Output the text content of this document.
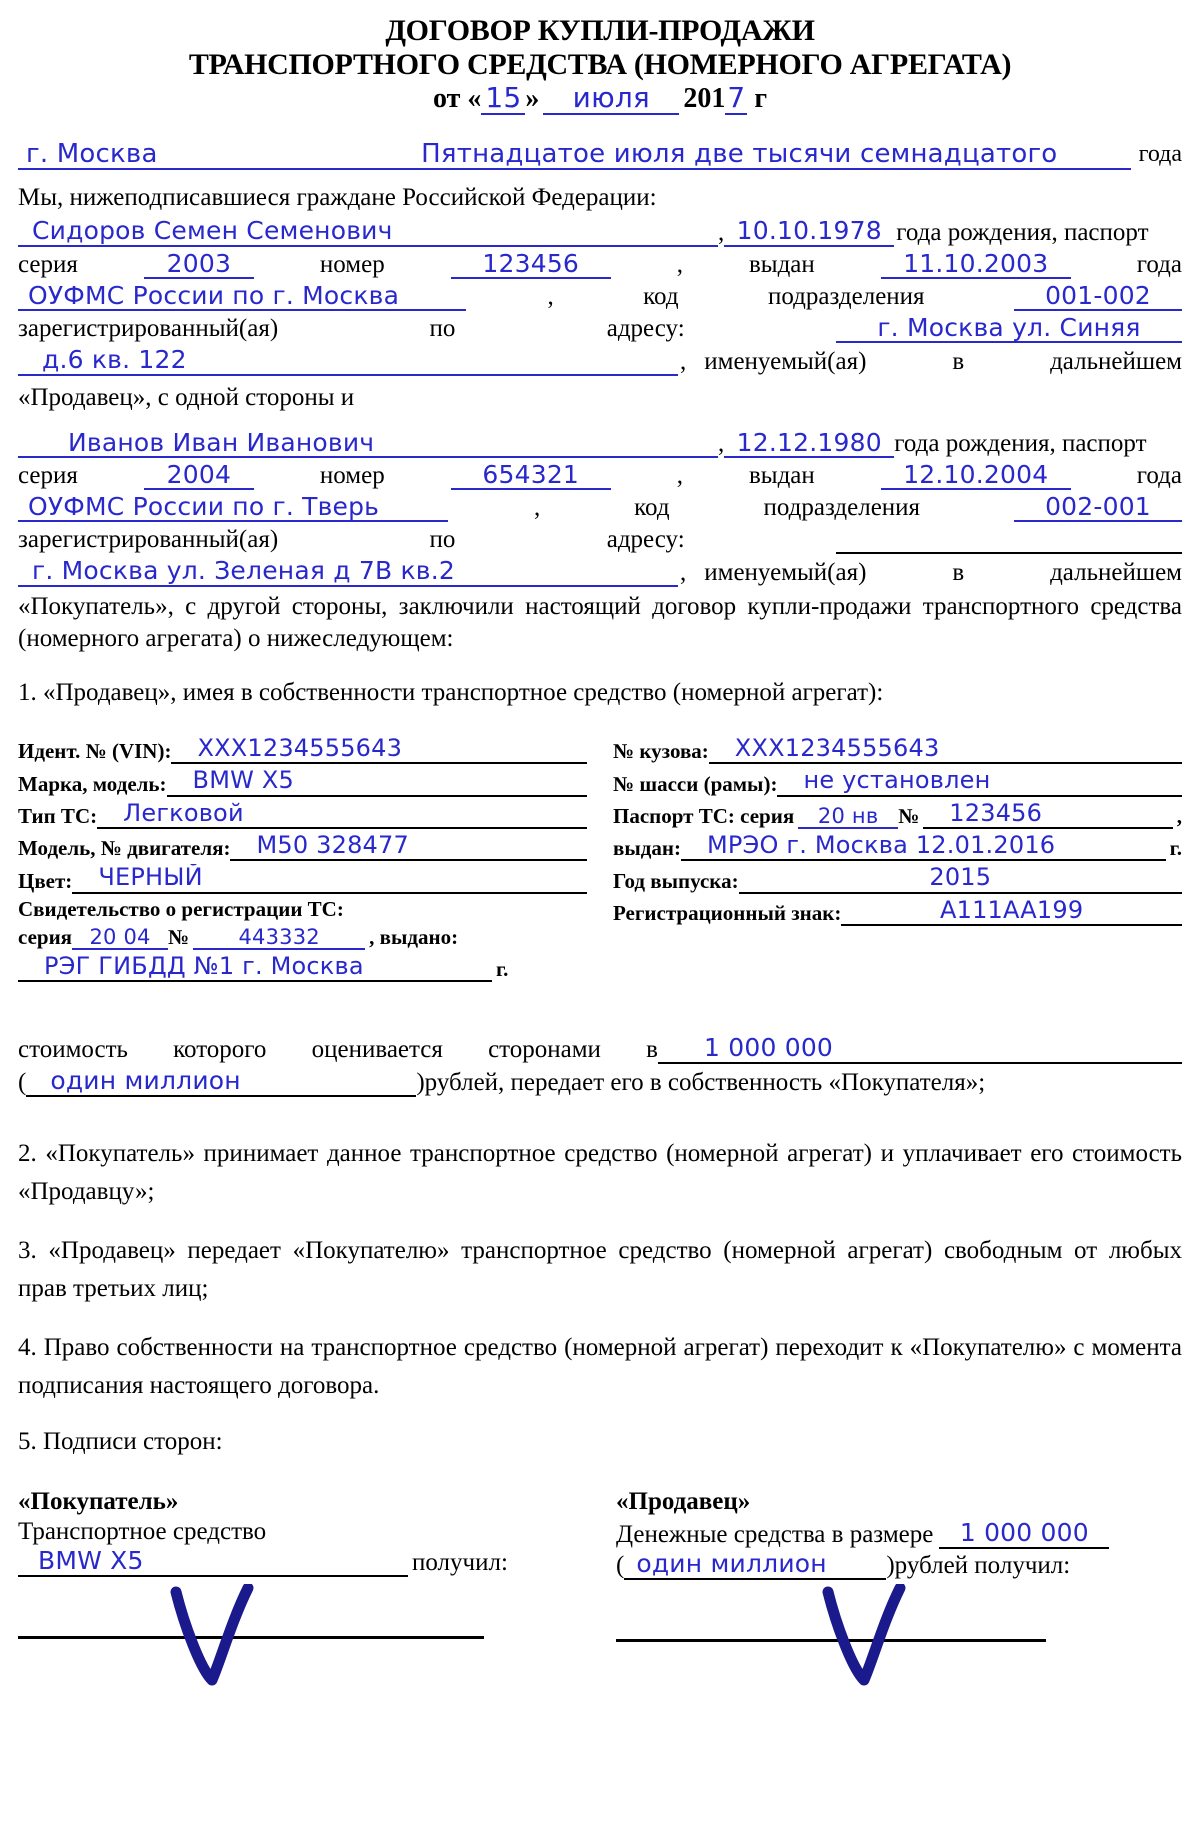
ДОГОВОР КУПЛИ-ПРОДАЖИ
ТРАНСПОРТНОГО СРЕДСТВА (НОМЕРНОГО АГРЕГАТА)
от « 15 » июля 2017 г
г. Москва	Пятнадцатое июля две тысячи семнадцатого	года

Мы, нижеподписавшиеся граждане Российской Федерации:

Сидоров Семен Семенович	, 10.10.1978 года рождения, паспорт
серия	2003	номер	123456	,	выдан	11.10.2003	года
ОУФМС России по г. Москва	,	код	подразделения	001-002
зарегистрированный(ая)	по	адресу:	г. Москва ул. Синяя
д.6 кв. 122	, именуемый(ая)	в	дальнейшем

«Продавец», с одной стороны и

Иванов Иван Иванович	, 12.12.1980 года рождения, паспорт
серия	2004	номер	654321	,	выдан	12.10.2004	года
ОУФМС России по г. Тверь	,	код	подразделения	002-001
зарегистрированный(ая)	по	адресу:
г. Москва ул. Зеленая д 7В кв.2	, именуемый(ая)	в	дальнейшем

«Покупатель», с другой стороны, заключили настоящий договор купли-продажи транспортного средства (номерного агрегата) о нижеследующем:

1. «Продавец», имея в собственности транспортное средство (номерной агрегат):

Идент. № (VIN):	XXX1234555643
Марка, модель:	BMW X5
Тип ТС:	Легковой
Модель, № двигателя:	M50 328477
Цвет:	ЧЕРНЫЙ
Свидетельство о регистрации ТС:
серия 20 04 №	443332	, выдано:
РЭГ ГИБДД №1 г. Москва	г.
№ кузова:	XXX1234555643
№ шасси (рамы):	не установлен
Паспорт ТС: серия	20 нв №	123456	,
выдан:	МРЭО г. Москва 12.01.2016	г.
Год выпуска:	2015
Регистрационный знак:	A111AA199
стоимость которого оценивается сторонами в	1 000 000
( один миллион	) рублей, передает его в собственность «Покупателя»;

2. «Покупатель» принимает данное транспортное средство (номерной агрегат) и уплачивает его стоимость «Продавцу»;

3. «Продавец» передает «Покупателю» транспортное средство (номерной агрегат) свободным от любых прав третьих лиц;

4. Право собственности на транспортное средство (номерной агрегат) переходит к «Покупателю» с момента подписания настоящего договора.

5. Подписи сторон:

«Покупатель»
Транспортное средство
BMW X5	получил:
«Продавец»
Денежные средства в размере	1 000 000
( один миллион	) рублей получил:
